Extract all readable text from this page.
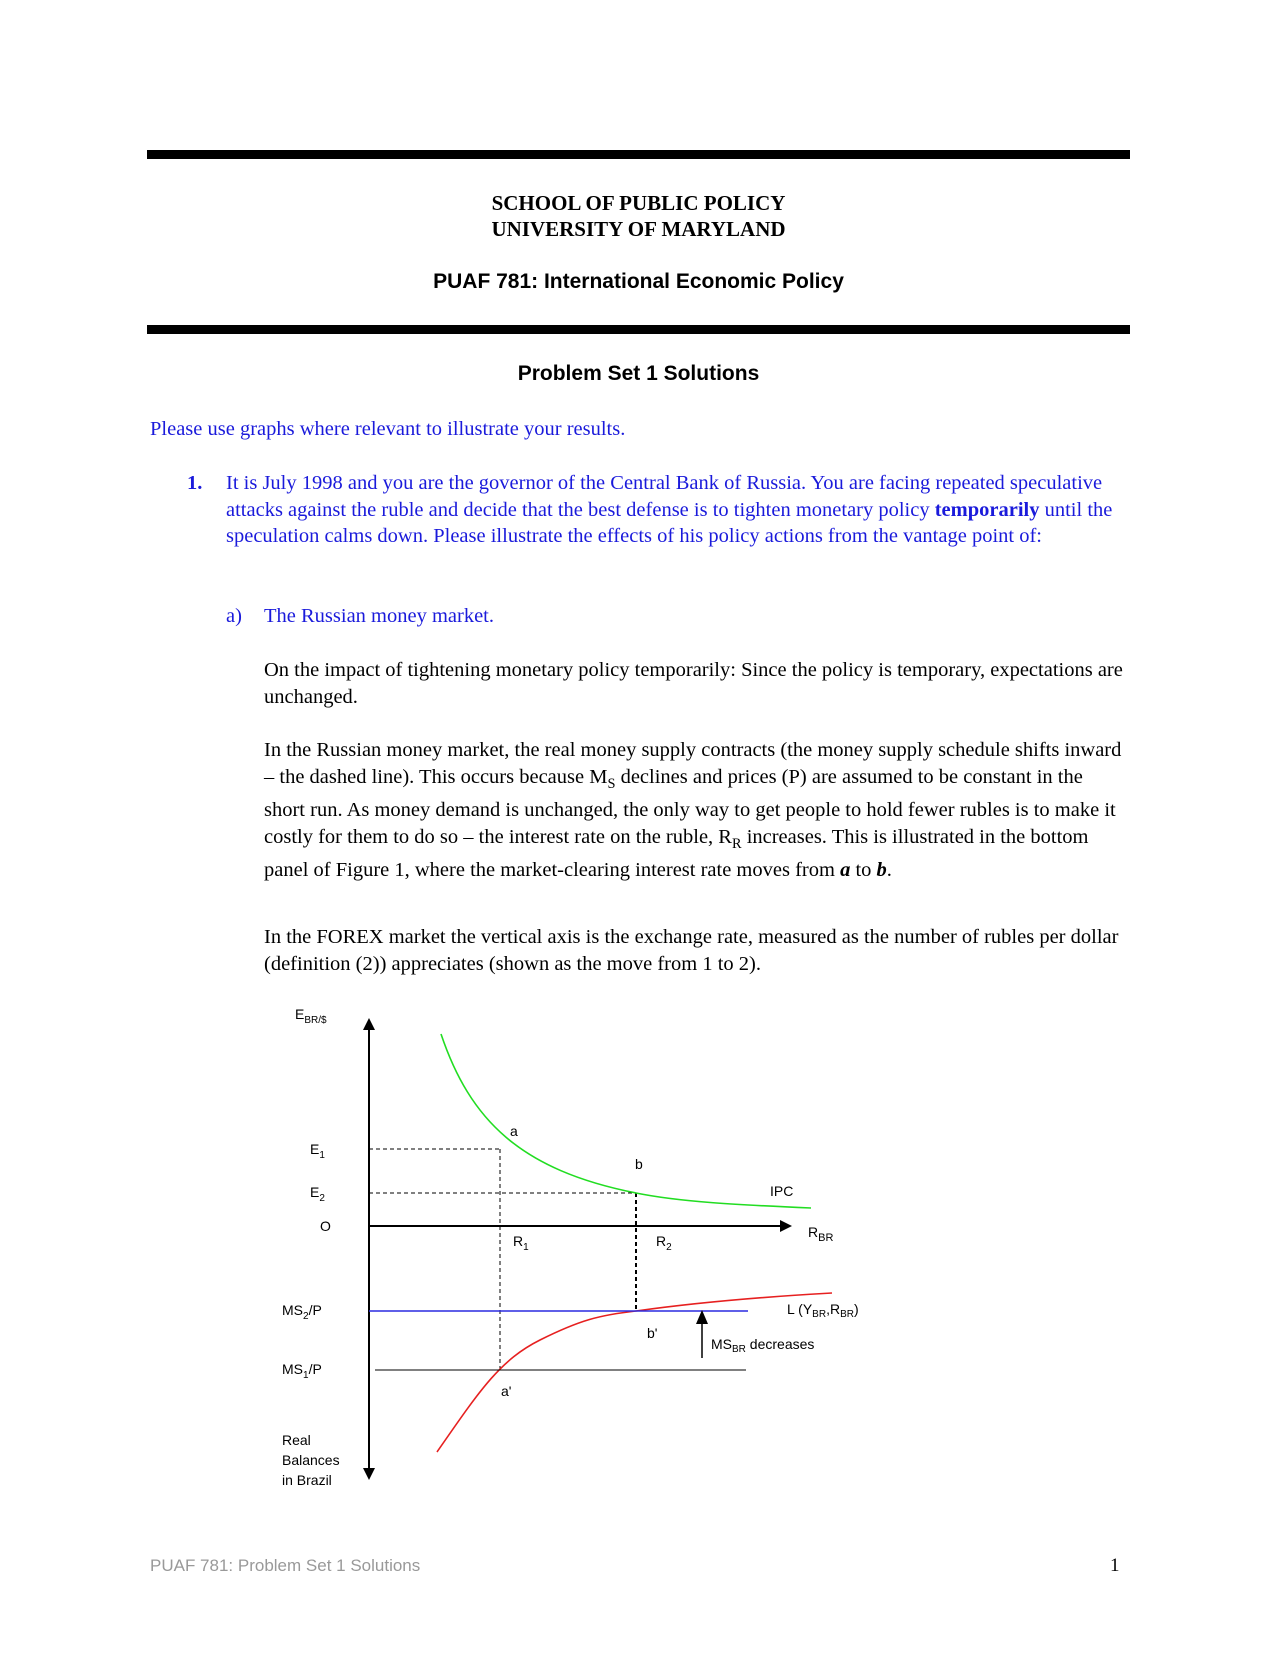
SCHOOL OF PUBLIC POLICY
UNIVERSITY OF MARYLAND
PUAF 781: International Economic Policy
Problem Set 1 Solutions

Please use graphs where relevant to illustrate your results.

1. It is July 1998 and you are the governor of the Central Bank of Russia. You are facing repeated speculative attacks against the ruble and decide that the best defense is to tighten monetary policy temporarily until the speculation calms down. Please illustrate the effects of his policy actions from the vantage point of:

a) The Russian money market.

On the impact of tightening monetary policy temporarily: Since the policy is temporary, expectations are unchanged.

In the Russian money market, the real money supply contracts (the money supply schedule shifts inward – the dashed line). This occurs because $M_S$ declines and prices (P) are assumed to be constant in the short run. As money demand is unchanged, the only way to get people to hold fewer rubles is to make it costly for them to do so – the interest rate on the ruble, $R_R$ increases. This is illustrated in the bottom panel of Figure 1, where the market-clearing interest rate moves from a to b.

In the FOREX market the vertical axis is the exchange rate, measured as the number of rubles per dollar (definition (2)) appreciates (shown as the move from 1 to 2).

$E_{BR/\$}$
$E_1$
$E_2$
O
$R_1$	$R_2$
$R_{BR}$
IPC
a
b
b'
a'
$MS_2/P$
$MS_1/P$
L $(Y_{BR},R_{BR})$
$MS_{BR}$ decreases
Real
Balances
in Brazil
PUAF 781: Problem Set 1 Solutions	1
